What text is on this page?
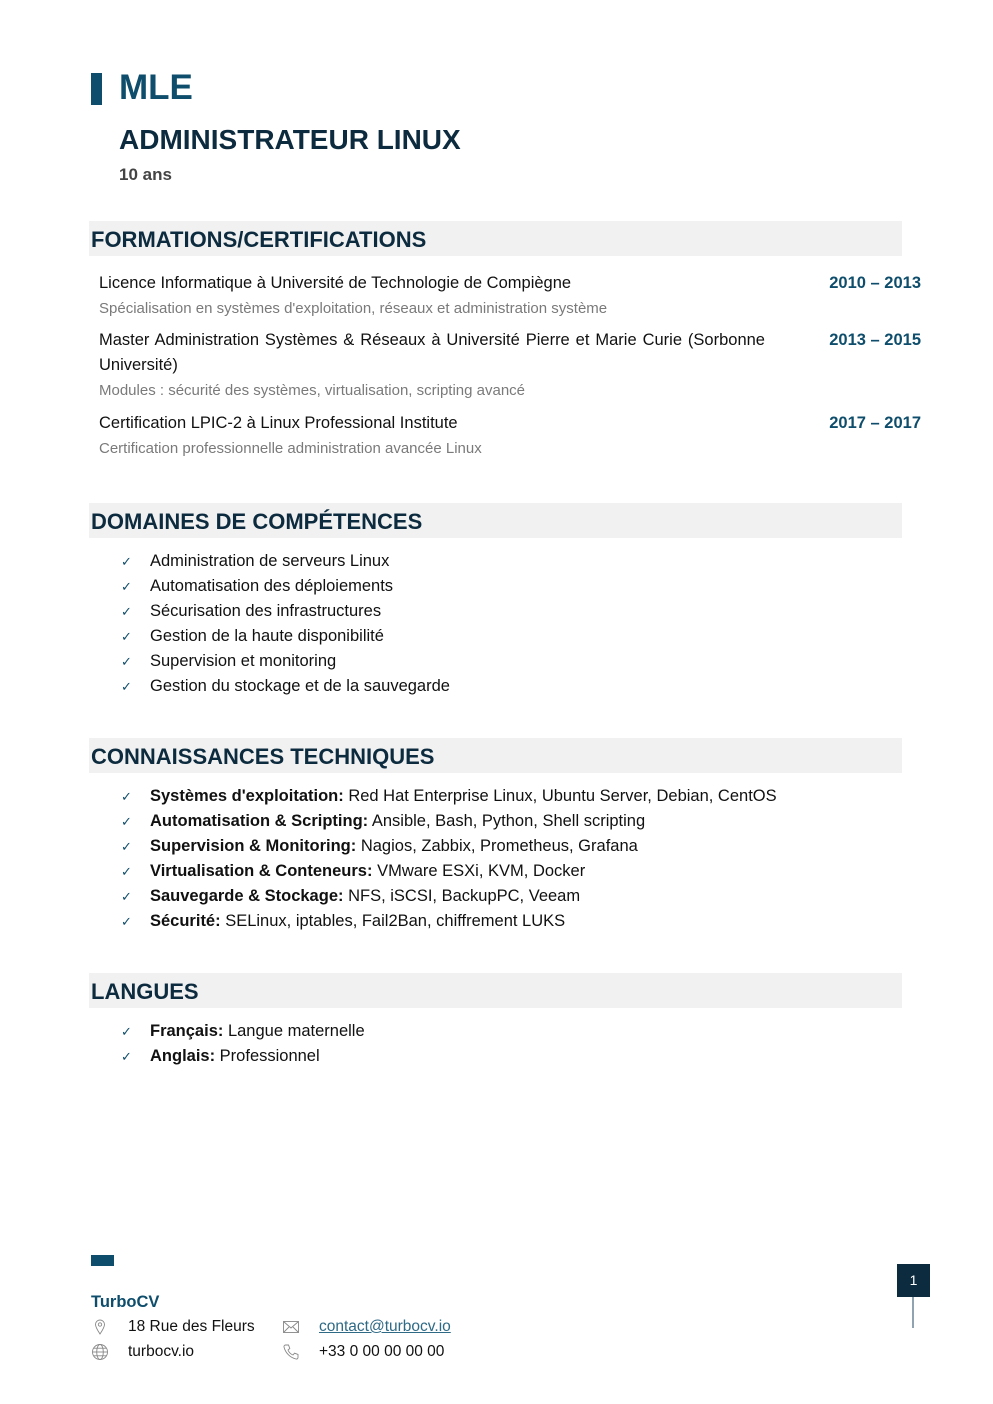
MLE
ADMINISTRATEUR LINUX
10 ans
FORMATIONS/CERTIFICATIONS
Licence Informatique à Université de Technologie de Compiègne
Spécialisation en systèmes d'exploitation, réseaux et administration système
2010 – 2013
Master Administration Systèmes & Réseaux à Université Pierre et Marie Curie (Sorbonne Université)
Modules : sécurité des systèmes, virtualisation, scripting avancé
2013 – 2015
Certification LPIC-2 à Linux Professional Institute
Certification professionnelle administration avancée Linux
2017 – 2017
DOMAINES DE COMPÉTENCES
✓ Administration de serveurs Linux
✓ Automatisation des déploiements
✓ Sécurisation des infrastructures
✓ Gestion de la haute disponibilité
✓ Supervision et monitoring
✓ Gestion du stockage et de la sauvegarde
CONNAISSANCES TECHNIQUES
✓ Systèmes d'exploitation: Red Hat Enterprise Linux, Ubuntu Server, Debian, CentOS
✓ Automatisation & Scripting: Ansible, Bash, Python, Shell scripting
✓ Supervision & Monitoring: Nagios, Zabbix, Prometheus, Grafana
✓ Virtualisation & Conteneurs: VMware ESXi, KVM, Docker
✓ Sauvegarde & Stockage: NFS, iSCSI, BackupPC, Veeam
✓ Sécurité: SELinux, iptables, Fail2Ban, chiffrement LUKS
LANGUES
✓ Français: Langue maternelle
✓ Anglais: Professionnel
TurboCV
18 Rue des Fleurs
turbocv.io
contact@turbocv.io
+33 0 00 00 00 00
1
